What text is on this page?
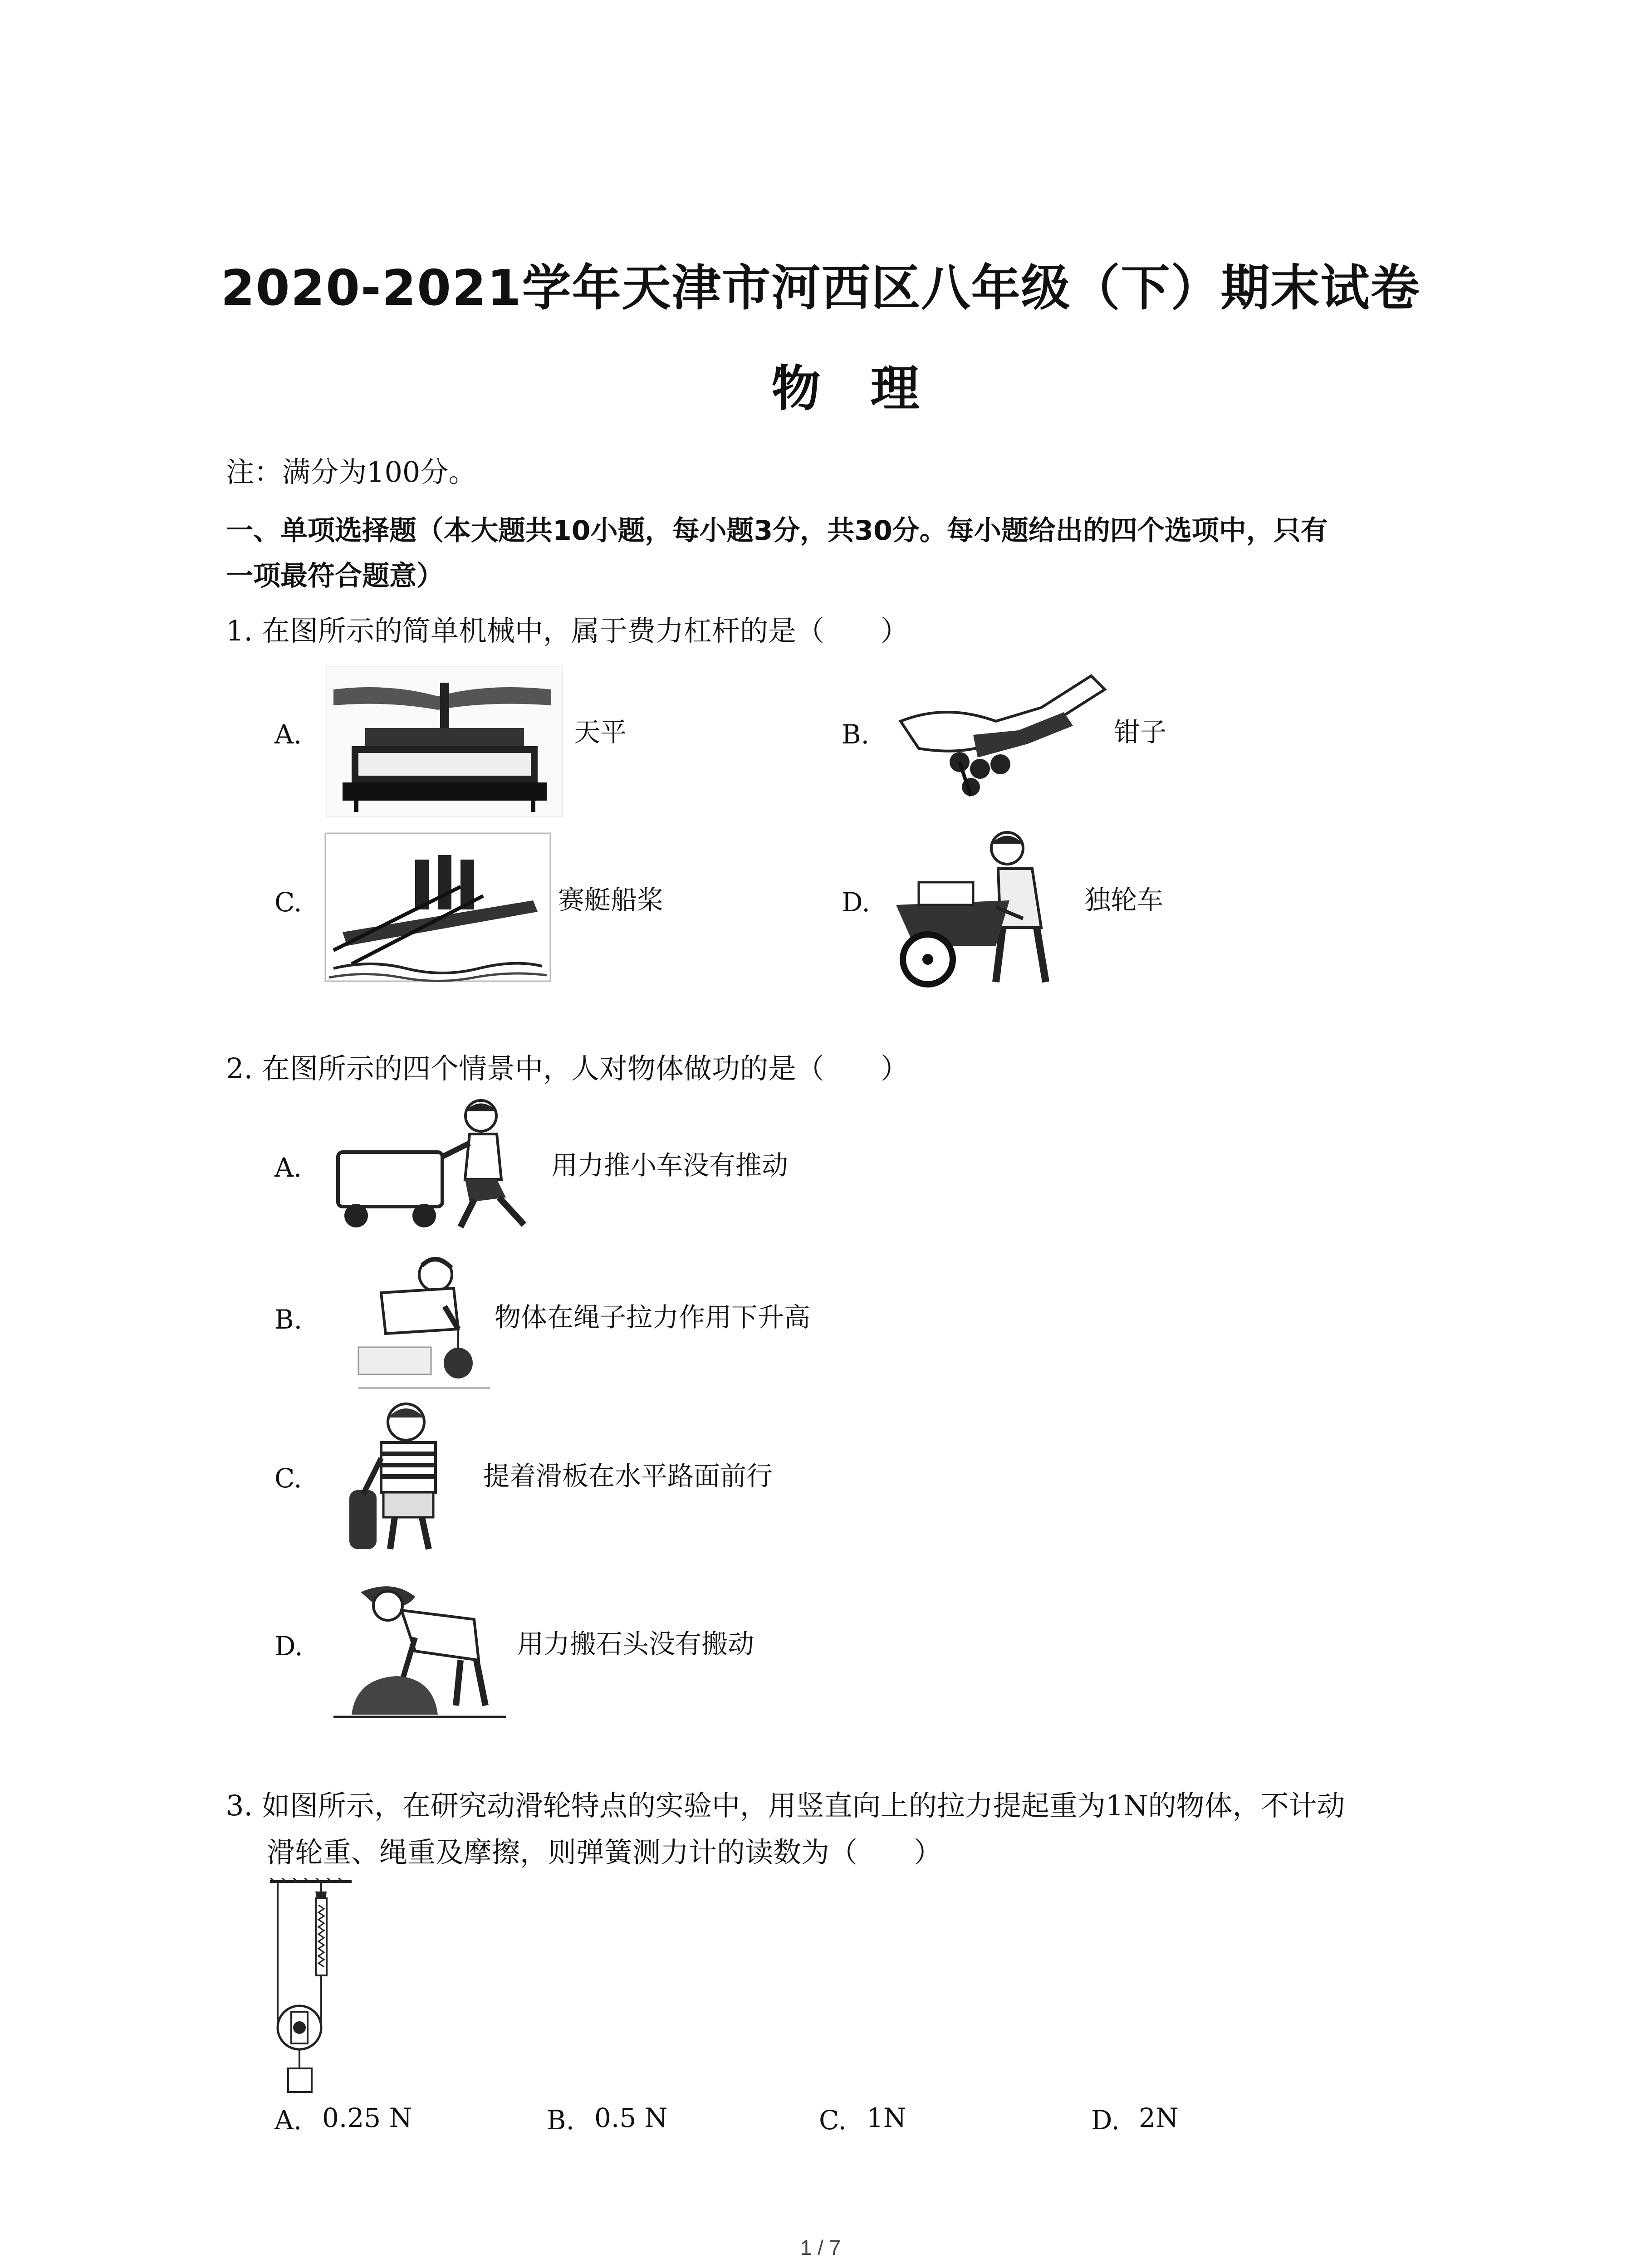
2020-2021学年天津市河西区八年级（下）期末试卷
物理
注：满分为100分。
一、单项选择题（本大题共10小题，每小题3分，共30分。每小题给出的四个选项中，只有
一项最符合题意）
1. 在图所示的简单机械中，属于费力杠杆的是（　　）
A.	天平	B.	钳子
C.	赛艇船桨	D.	独轮车
2. 在图所示的四个情景中，人对物体做功的是（　　）
A.	用力推小车没有推动
B.	物体在绳子拉力作用下升高
C.	提着滑板在水平路面前行
D.	用力搬石头没有搬动
3. 如图所示，在研究动滑轮特点的实验中，用竖直向上的拉力提起重为1N的物体，不计动
滑轮重、绳重及摩擦，则弹簧测力计的读数为（　　）
A. 0.25 N	B. 0.5 N	C. 1N	D. 2N
1 / 7
